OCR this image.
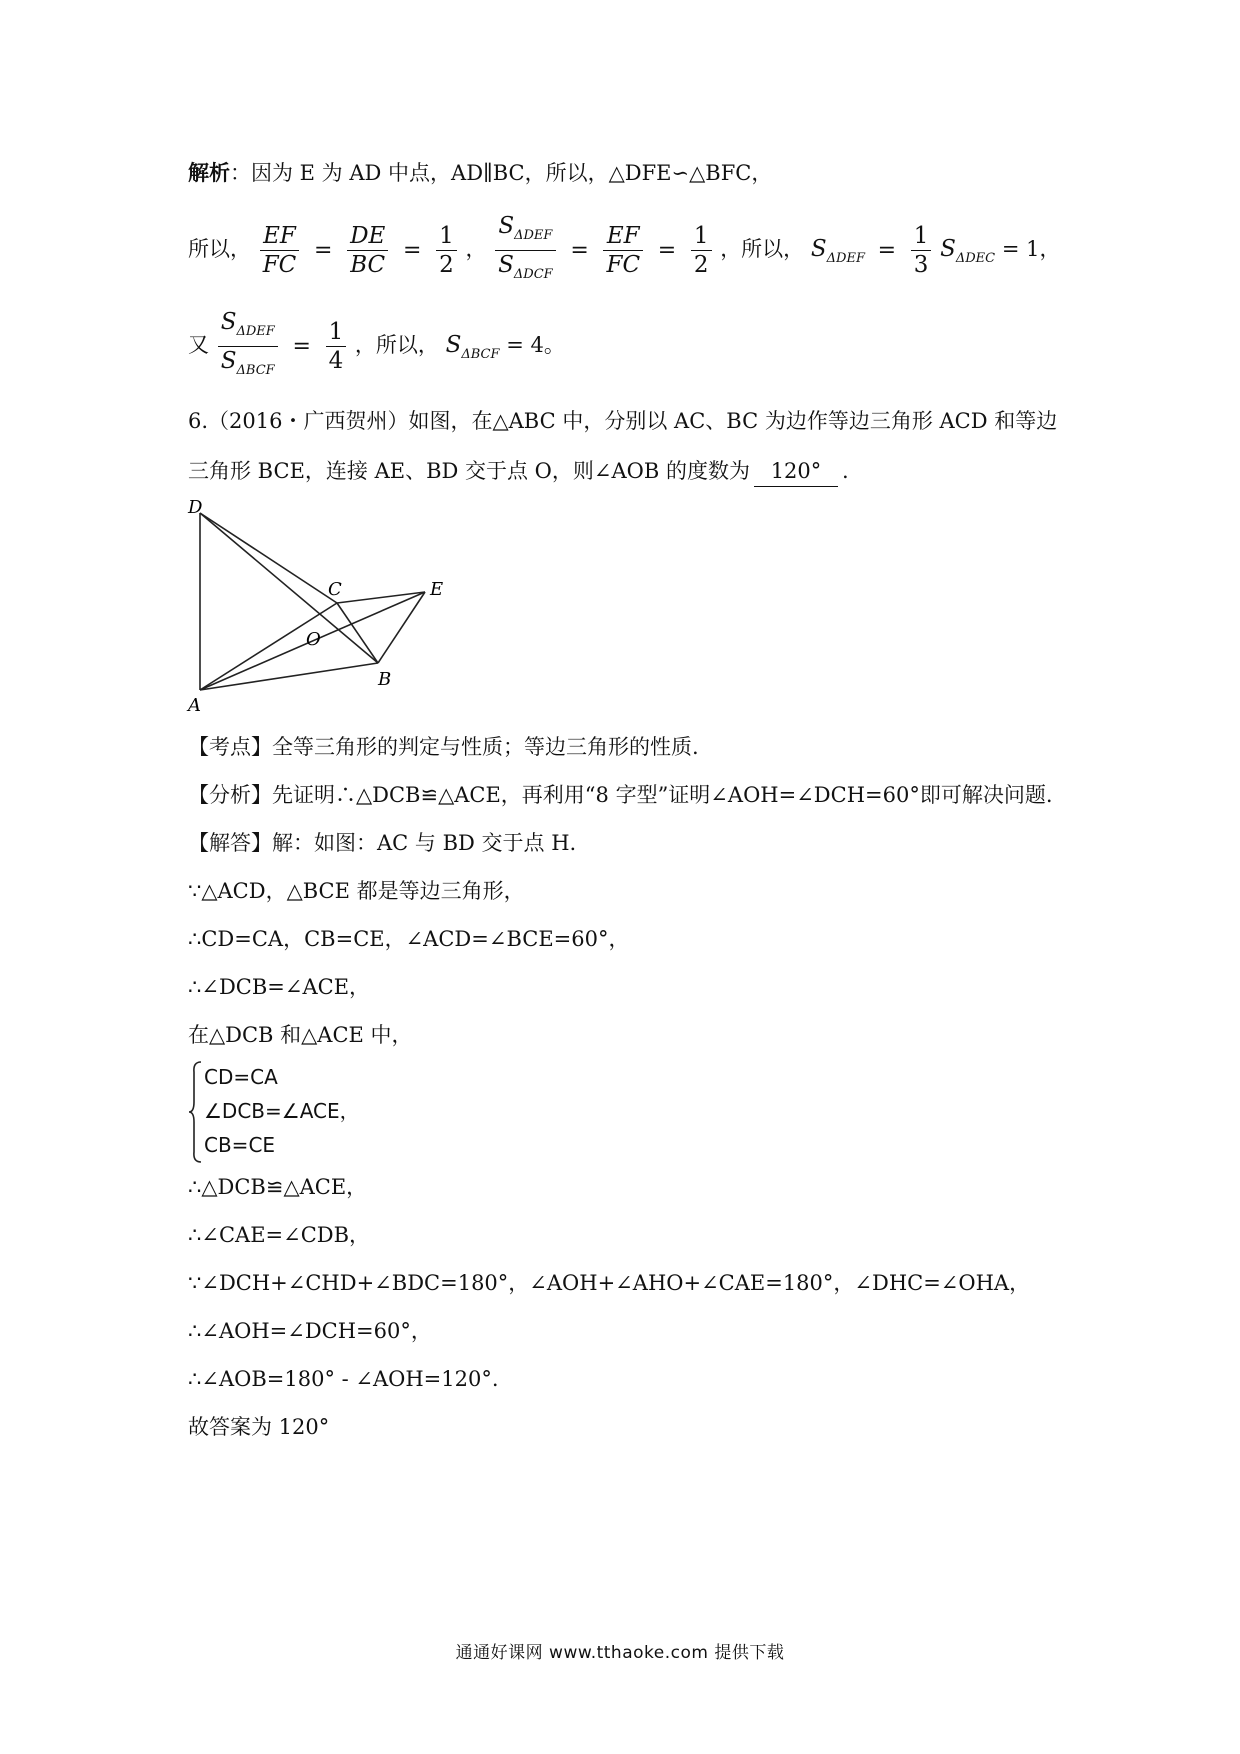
解析：因为 E 为 AD 中点，AD∥BC，所以，△DFE∽△BFC，
所以， $\frac{EF}{FC} = \frac{DE}{BC} = \frac{1}{2}$ ， $\frac{S_{\Delta DEF}}{S_{\Delta DCF}} = \frac{EF}{FC} = \frac{1}{2}$ ，所以， $S_{\Delta DEF} = \frac{1}{3} S_{\Delta DEC} = 1$，
又 $\frac{S_{\Delta DEF}}{S_{\Delta BCF}} = \frac{1}{4}$ ，所以， $S_{\Delta BCF} = 4$。
6.（2016・广西贺州）如图，在△ABC 中，分别以 AC、BC 为边作等边三角形 ACD 和等边
三角形 BCE，连接 AE、BD 交于点 O，则∠AOB 的度数为 120° .
D
C	E
O
B
A
【考点】全等三角形的判定与性质；等边三角形的性质.
【分析】先证明∴△DCB≌△ACE，再利用“8 字型”证明∠AOH=∠DCH=60°即可解决问题.
【解答】解：如图：AC 与 BD 交于点 H.
∵△ACD，△BCE 都是等边三角形，
∴CD=CA，CB=CE，∠ACD=∠BCE=60°，
∴∠DCB=∠ACE，
在△DCB 和△ACE 中，
CD=CA
∠DCB=∠ACE，
CB=CE
∴△DCB≌△ACE，
∴∠CAE=∠CDB，
∵∠DCH+∠CHD+∠BDC=180°，∠AOH+∠AHO+∠CAE=180°，∠DHC=∠OHA，
∴∠AOH=∠DCH=60°，
∴∠AOB=180° - ∠AOH=120°.
故答案为 120°
通通好课网 www.tthaoke.com 提供下载
